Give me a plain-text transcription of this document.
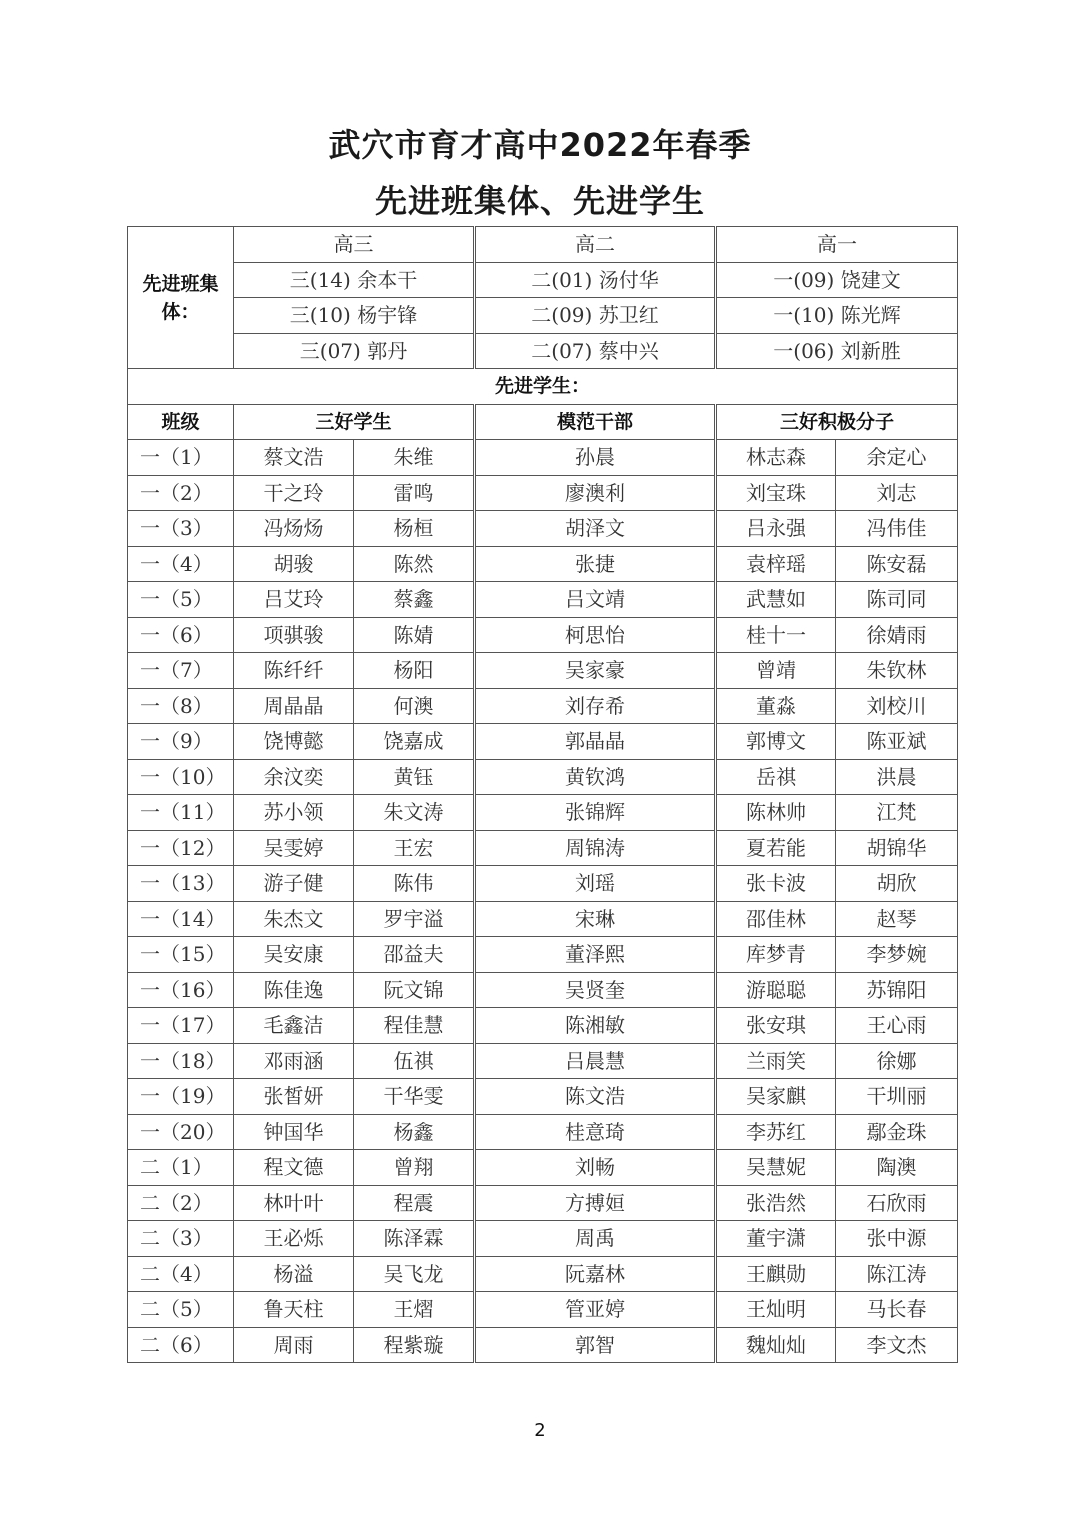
武穴市育才高中2022年春季
先进班集体、先进学生
先进班集体：	高三		高二	高一	
	三(14) 余本干		二(01) 汤付华	一(09) 饶建文	
	三(10) 杨宇锋		二(09) 苏卫红	一(10) 陈光辉	
	三(07) 郭丹		二(07) 蔡中兴	一(06) 刘新胜	
先进学生：					
班级	三好学生		模范干部	三好积极分子	
一（1）	蔡文浩	朱维	孙晨	林志森	余定心
一（2）	干之玲	雷鸣	廖澳利	刘宝珠	刘志
一（3）	冯炀炀	杨桓	胡泽文	吕永强	冯伟佳
一（4）	胡骏	陈然	张捷	袁梓瑶	陈安磊
一（5）	吕艾玲	蔡鑫	吕文靖	武慧如	陈司同
一（6）	项骐骏	陈婧	柯思怡	桂十一	徐婧雨
一（7）	陈纤纤	杨阳	吴家豪	曾靖	朱钦林
一（8）	周晶晶	何澳	刘存希	董淼	刘校川
一（9）	饶博懿	饶嘉成	郭晶晶	郭博文	陈亚斌
一（10）	余汶奕	黄钰	黄钦鸿	岳祺	洪晨
一（11）	苏小领	朱文涛	张锦辉	陈林帅	江梵
一（12）	吴雯婷	王宏	周锦涛	夏若能	胡锦华
一（13）	游子健	陈伟	刘瑶	张卡波	胡欣
一（14）	朱杰文	罗宇溢	宋琳	邵佳林	赵琴
一（15）	吴安康	邵益夫	董泽熙	库梦青	李梦婉
一（16）	陈佳逸	阮文锦	吴贤奎	游聪聪	苏锦阳
一（17）	毛鑫洁	程佳慧	陈湘敏	张安琪	王心雨
一（18）	邓雨涵	伍祺	吕晨慧	兰雨笑	徐娜
一（19）	张皙妍	干华雯	陈文浩	吴家麒	干圳丽
一（20）	钟国华	杨鑫	桂意琦	李苏红	鄢金珠
二（1）	程文德	曾翔	刘畅	吴慧妮	陶澳
二（2）	林叶叶	程震	方搏姮	张浩然	石欣雨
二（3）	王必烁	陈泽霖	周禹	董宇潇	张中源
二（4）	杨溢	吴飞龙	阮嘉林	王麒勋	陈江涛
二（5）	鲁天柱	王熠	管亚婷	王灿明	马长春
二（6）	周雨	程紫璇	郭智	魏灿灿	李文杰
2
